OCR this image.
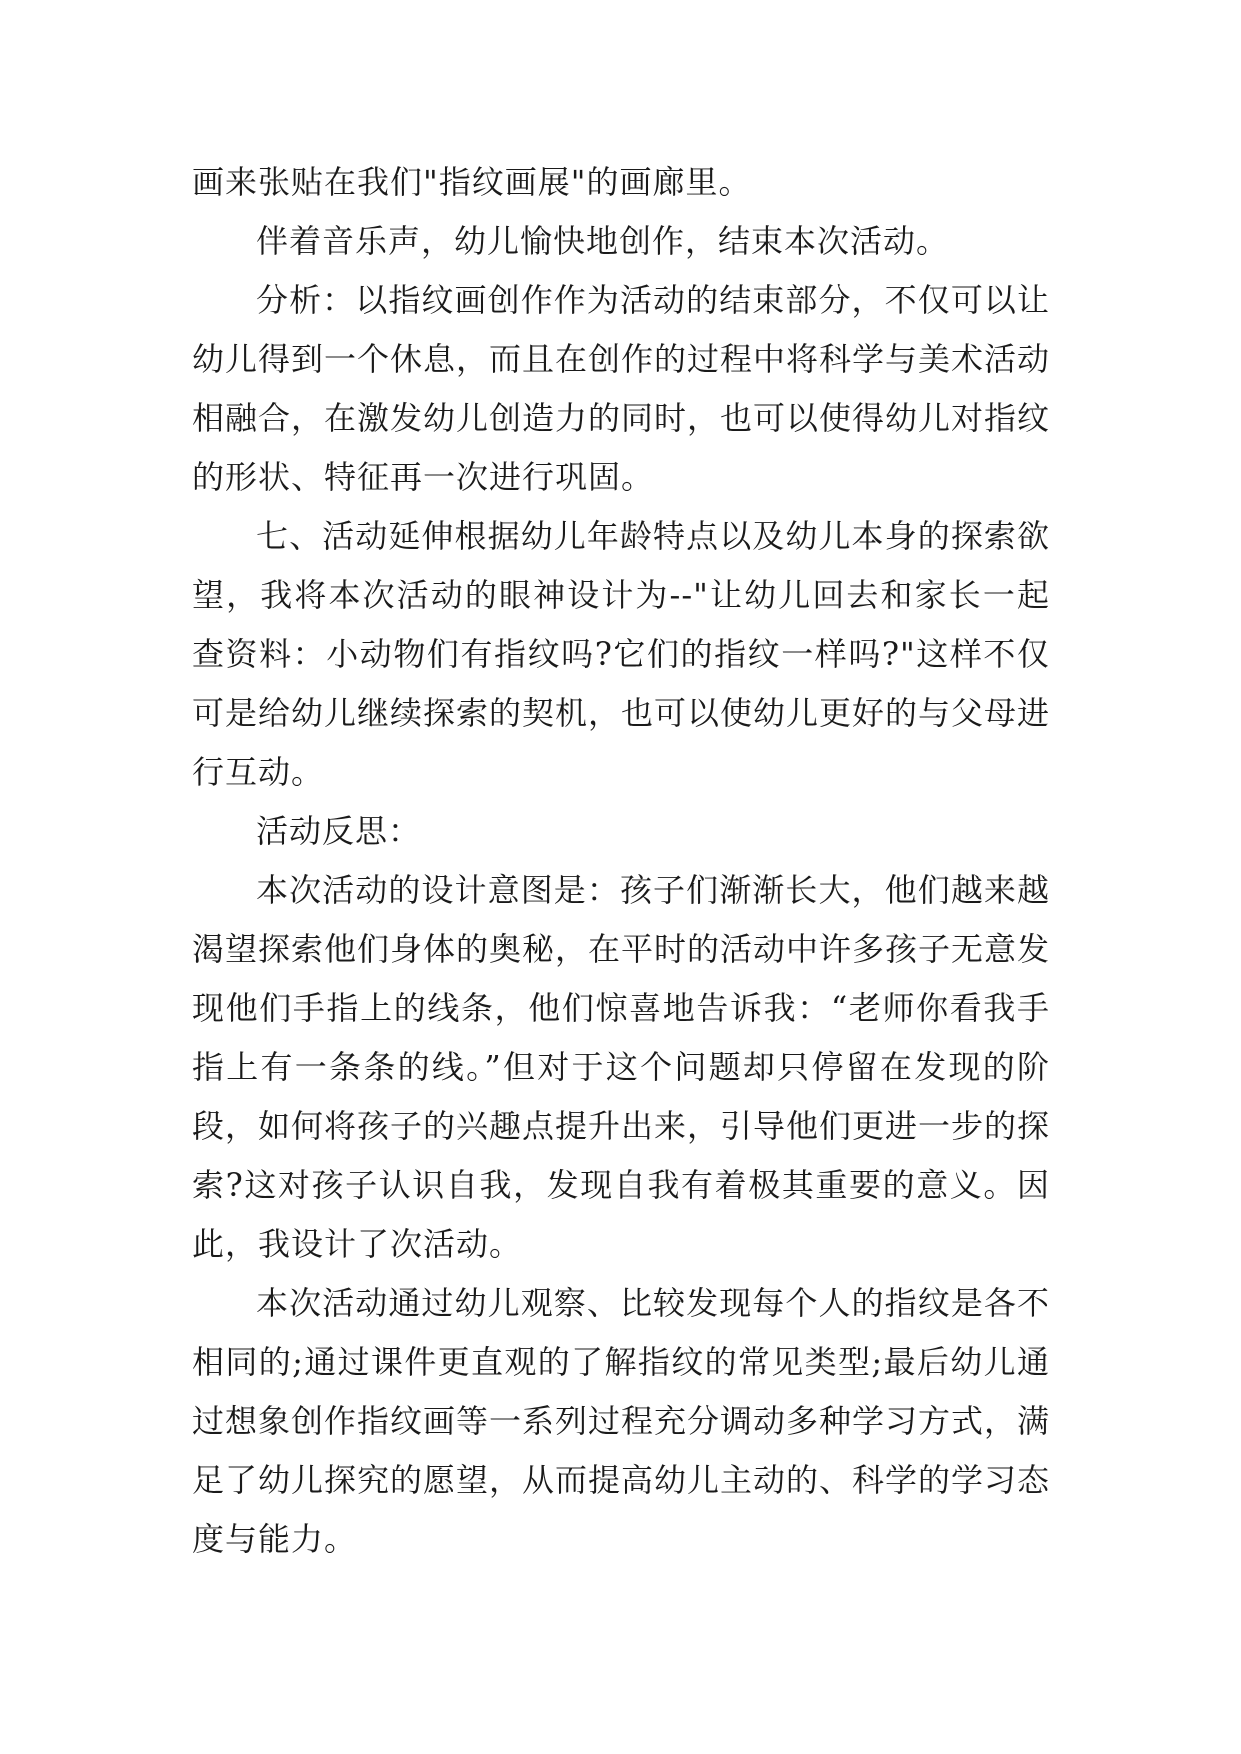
画来张贴在我们"指纹画展"的画廊里。

伴着音乐声，幼儿愉快地创作，结束本次活动。

分析：以指纹画创作作为活动的结束部分，不仅可以让幼儿得到一个休息，而且在创作的过程中将科学与美术活动相融合，在激发幼儿创造力的同时，也可以使得幼儿对指纹的形状、特征再一次进行巩固。

七、活动延伸根据幼儿年龄特点以及幼儿本身的探索欲望，我将本次活动的眼神设计为--"让幼儿回去和家长一起查资料：小动物们有指纹吗?它们的指纹一样吗?"这样不仅可是给幼儿继续探索的契机，也可以使幼儿更好的与父母进行互动。

活动反思：

本次活动的设计意图是：孩子们渐渐长大，他们越来越渴望探索他们身体的奥秘，在平时的活动中许多孩子无意发现他们手指上的线条，他们惊喜地告诉我：“老师你看我手指上有一条条的线。”但对于这个问题却只停留在发现的阶段，如何将孩子的兴趣点提升出来，引导他们更进一步的探索?这对孩子认识自我，发现自我有着极其重要的意义。因此，我设计了次活动。

本次活动通过幼儿观察、比较发现每个人的指纹是各不相同的;通过课件更直观的了解指纹的常见类型;最后幼儿通过想象创作指纹画等一系列过程充分调动多种学习方式，满足了幼儿探究的愿望，从而提高幼儿主动的、科学的学习态度与能力。
